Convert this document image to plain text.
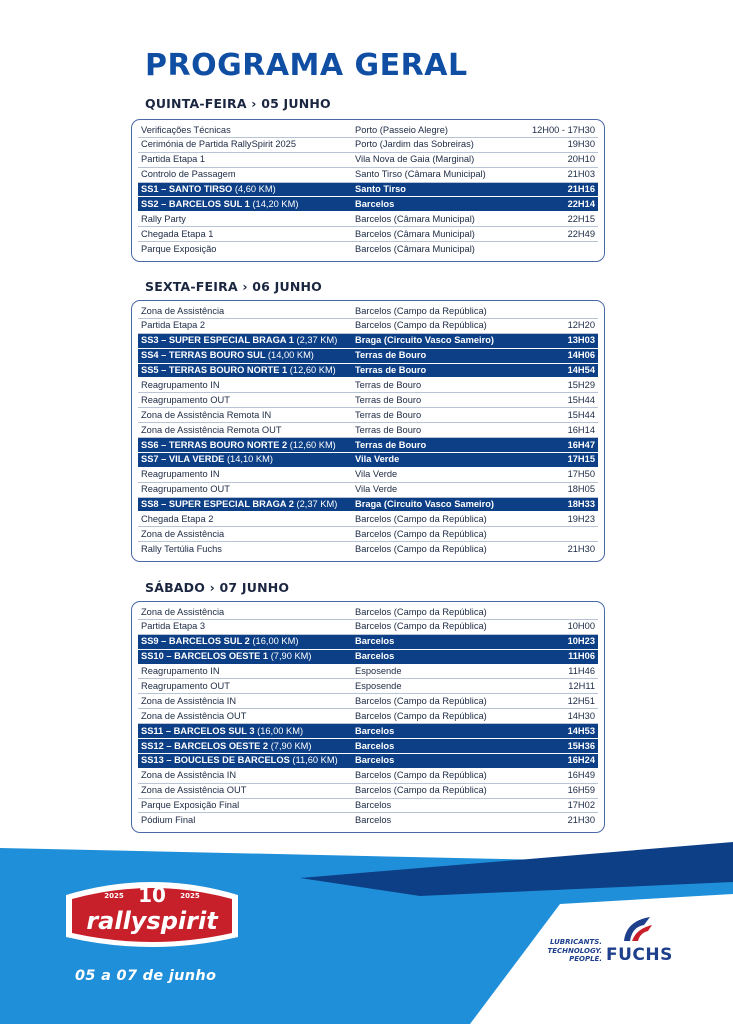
PROGRAMA GERAL
QUINTA-FEIRA › 05 JUNHO
Verificações Técnicas	Porto (Passeio Alegre)	12H00 - 17H30
Cerimónia de Partida RallySpirit 2025	Porto (Jardim das Sobreiras)	19H30
Partida Etapa 1	Vila Nova de Gaia (Marginal)	20H10
Controlo de Passagem	Santo Tirso (Câmara Municipal)	21H03
SS1 – SANTO TIRSO (4,60 KM)	Santo Tirso	21H16
SS2 – BARCELOS SUL 1 (14,20 KM)	Barcelos	22H14
Rally Party	Barcelos (Câmara Municipal)	22H15
Chegada Etapa 1	Barcelos (Câmara Municipal)	22H49
Parque Exposição	Barcelos (Câmara Municipal)
SEXTA-FEIRA › 06 JUNHO
Zona de Assistência	Barcelos (Campo da República)
Partida Etapa 2	Barcelos (Campo da República)	12H20
SS3 – SUPER ESPECIAL BRAGA 1 (2,37 KM)	Braga (Circuito Vasco Sameiro)	13H03
SS4 – TERRAS BOURO SUL (14,00 KM)	Terras de Bouro	14H06
SS5 – TERRAS BOURO NORTE 1 (12,60 KM)	Terras de Bouro	14H54
Reagrupamento IN	Terras de Bouro	15H29
Reagrupamento OUT	Terras de Bouro	15H44
Zona de Assistência Remota IN	Terras de Bouro	15H44
Zona de Assistência Remota OUT	Terras de Bouro	16H14
SS6 – TERRAS BOURO NORTE 2 (12,60 KM)	Terras de Bouro	16H47
SS7 – VILA VERDE (14,10 KM)	Vila Verde	17H15
Reagrupamento IN	Vila Verde	17H50
Reagrupamento OUT	Vila Verde	18H05
SS8 – SUPER ESPECIAL BRAGA 2 (2,37 KM)	Braga (Circuito Vasco Sameiro)	18H33
Chegada Etapa 2	Barcelos (Campo da República)	19H23
Zona de Assistência	Barcelos (Campo da República)
Rally Tertúlia Fuchs	Barcelos (Campo da República)	21H30
SÁBADO › 07 JUNHO
Zona de Assistência	Barcelos (Campo da República)
Partida Etapa 3	Barcelos (Campo da República)	10H00
SS9 – BARCELOS SUL 2 (16,00 KM)	Barcelos	10H23
SS10 – BARCELOS OESTE 1 (7,90 KM)	Barcelos	11H06
Reagrupamento IN	Esposende	11H46
Reagrupamento OUT	Esposende	12H11
Zona de Assistência IN	Barcelos (Campo da República)	12H51
Zona de Assistência OUT	Barcelos (Campo da República)	14H30
SS11 – BARCELOS SUL 3 (16,00 KM)	Barcelos	14H53
SS12 – BARCELOS OESTE 2 (7,90 KM)	Barcelos	15H36
SS13 – BOUCLES DE BARCELOS (11,60 KM)	Barcelos	16H24
Zona de Assistência IN	Barcelos (Campo da República)	16H49
Zona de Assistência OUT	Barcelos (Campo da República)	16H59
Parque Exposição Final	Barcelos	17H02
Pódium Final	Barcelos	21H30
10
2025	2025
rallyspirit
05 a 07 de junho
LUBRICANTS.
TECHNOLOGY.
PEOPLE. FUCHS
